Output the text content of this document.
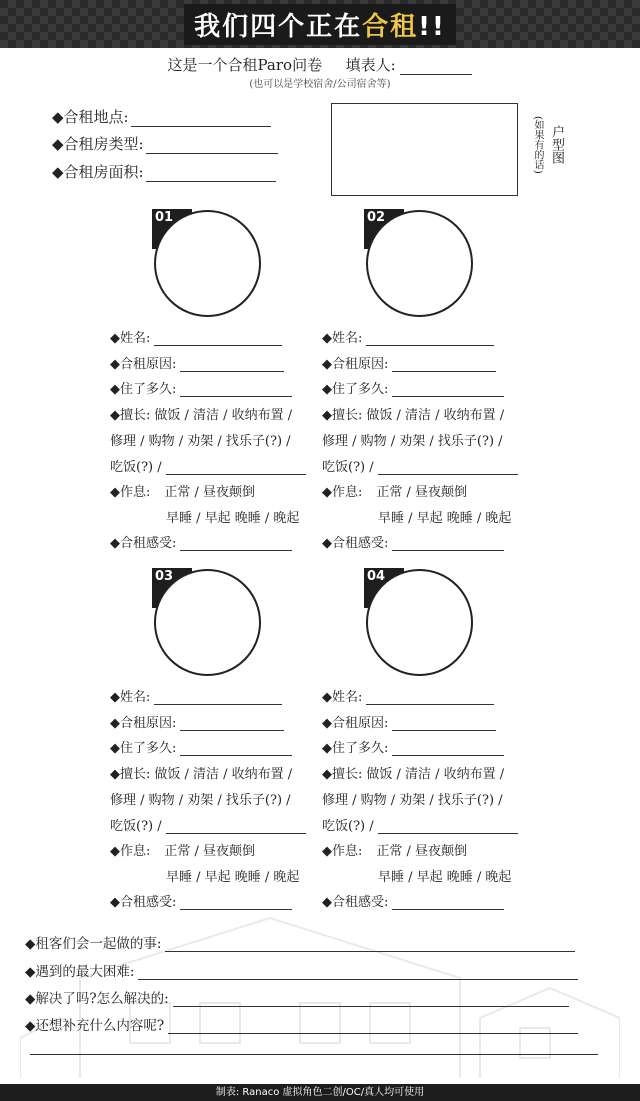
我们四个正在合租!!
这是一个合租Paro问卷 填表人:
(也可以是学校宿舍/公司宿舍等)
◆合租地点:
◆合租房类型:
◆合租房面积:	(如果有的话) 户型图
01
◆姓名:
◆合租原因:
◆住了多久:
◆擅长: 做饭 / 清洁 / 收纳布置 /
修理 / 购物 / 劝架 / 找乐子(?) /
吃饭(?) /
◆作息: 正常 / 昼夜颠倒
早睡 / 早起 晚睡 / 晚起
◆合租感受:
02
◆姓名:
◆合租原因:
◆住了多久:
◆擅长: 做饭 / 清洁 / 收纳布置 /
修理 / 购物 / 劝架 / 找乐子(?) /
吃饭(?) /
◆作息: 正常 / 昼夜颠倒
早睡 / 早起 晚睡 / 晚起
◆合租感受:
03
◆姓名:
◆合租原因:
◆住了多久:
◆擅长: 做饭 / 清洁 / 收纳布置 /
修理 / 购物 / 劝架 / 找乐子(?) /
吃饭(?) /
◆作息: 正常 / 昼夜颠倒
早睡 / 早起 晚睡 / 晚起
◆合租感受:
04
◆姓名:
◆合租原因:
◆住了多久:
◆擅长: 做饭 / 清洁 / 收纳布置 /
修理 / 购物 / 劝架 / 找乐子(?) /
吃饭(?) /
◆作息: 正常 / 昼夜颠倒
早睡 / 早起 晚睡 / 晚起
◆合租感受:
◆租客们会一起做的事:
◆遇到的最大困难:
◆解决了吗?怎么解决的:
◆还想补充什么内容呢?
制表: Ranaco 虚拟角色二创/OC/真人均可使用
